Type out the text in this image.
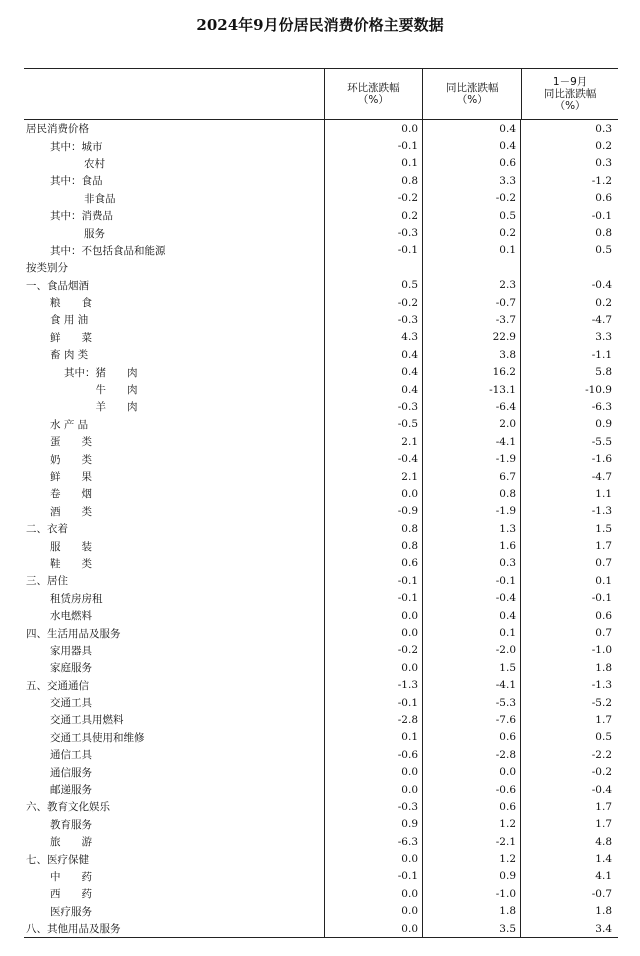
2024年9月份居民消费价格主要数据
环比涨跌幅
（%）
同比涨跌幅
（%）
1－9月
同比涨跌幅
（%）
居民消费价格	0.0	0.4	0.3
其中：城市	-0.1	0.4	0.2
农村	0.1	0.6	0.3
其中：食品	0.8	3.3	-1.2
非食品	-0.2	-0.2	0.6
其中：消费品	0.2	0.5	-0.1
服务	-0.3	0.2	0.8
其中：不包括食品和能源	-0.1	0.1	0.5
按类别分
一、食品烟酒	0.5	2.3	-0.4
粮　　食	-0.2	-0.7	0.2
食 用 油	-0.3	-3.7	-4.7
鲜　　菜	4.3	22.9	3.3
畜 肉 类	0.4	3.8	-1.1
其中：猪　　肉	0.4	16.2	5.8
　　　牛　　肉	0.4	-13.1	-10.9
　　　羊　　肉	-0.3	-6.4	-6.3
水 产 品	-0.5	2.0	0.9
蛋　　类	2.1	-4.1	-5.5
奶　　类	-0.4	-1.9	-1.6
鲜　　果	2.1	6.7	-4.7
卷　　烟	0.0	0.8	1.1
酒　　类	-0.9	-1.9	-1.3
二、衣着	0.8	1.3	1.5
服　　装	0.8	1.6	1.7
鞋　　类	0.6	0.3	0.7
三、居住	-0.1	-0.1	0.1
租赁房房租	-0.1	-0.4	-0.1
水电燃料	0.0	0.4	0.6
四、生活用品及服务	0.0	0.1	0.7
家用器具	-0.2	-2.0	-1.0
家庭服务	0.0	1.5	1.8
五、交通通信	-1.3	-4.1	-1.3
交通工具	-0.1	-5.3	-5.2
交通工具用燃料	-2.8	-7.6	1.7
交通工具使用和维修	0.1	0.6	0.5
通信工具	-0.6	-2.8	-2.2
通信服务	0.0	0.0	-0.2
邮递服务	0.0	-0.6	-0.4
六、教育文化娱乐	-0.3	0.6	1.7
教育服务	0.9	1.2	1.7
旅　　游	-6.3	-2.1	4.8
七、医疗保健	0.0	1.2	1.4
中　　药	-0.1	0.9	4.1
西　　药	0.0	-1.0	-0.7
医疗服务	0.0	1.8	1.8
八、其他用品及服务	0.0	3.5	3.4
